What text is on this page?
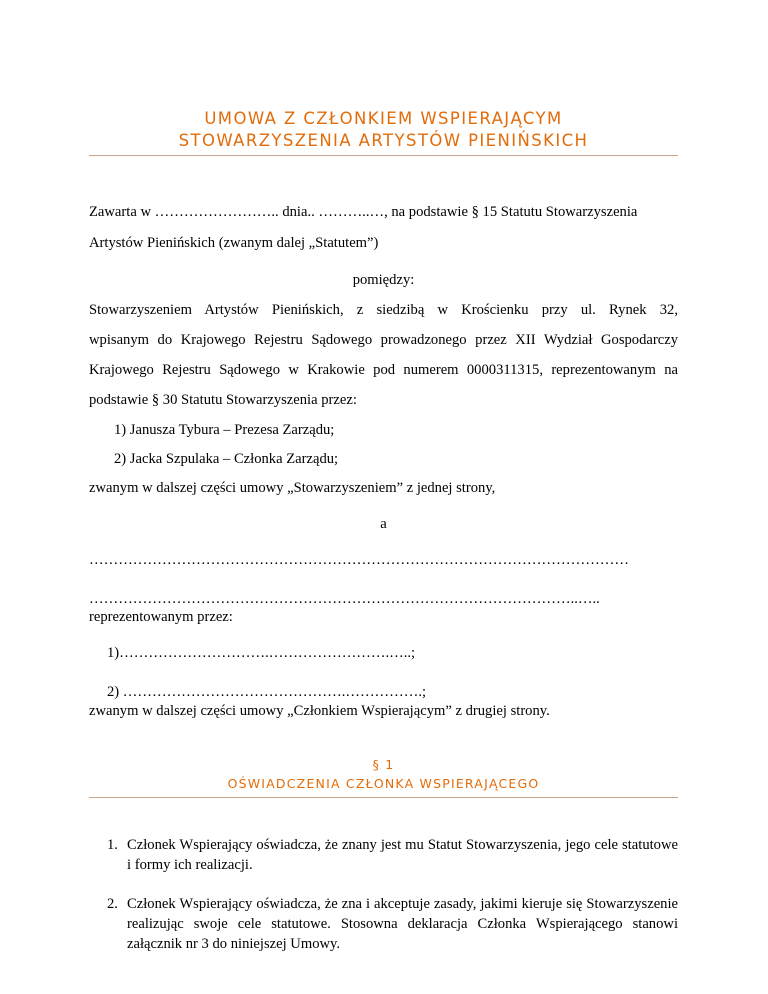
UMOWA Z CZŁONKIEM WSPIERAJĄCYM
STOWARZYSZENIA ARTYSTÓW PIENIŃSKICH
Zawarta w …………………….. dnia.. ………..…, na podstawie § 15 Statutu Stowarzyszenia
Artystów Pienińskich (zwanym dalej „Statutem”)
pomiędzy:
Stowarzyszeniem Artystów Pienińskich, z siedzibą w Krościenku przy ul. Rynek 32,
wpisanym do Krajowego Rejestru Sądowego prowadzonego przez XII Wydział Gospodarczy
Krajowego Rejestru Sądowego w Krakowie pod numerem 0000311315, reprezentowanym na
podstawie § 30 Statutu Stowarzyszenia przez:
1) Janusza Tybura – Prezesa Zarządu;
2) Jacka Szpulaka – Członka Zarządu;
zwanym w dalszej części umowy „Stowarzyszeniem” z jednej strony,
a
…………………………………………………………………………………………………
………………………………………………………………………………………..…..
reprezentowanym przez:
1)………………………….…………………….…..;
2) ……………………………………….…………….;
zwanym w dalszej części umowy „Członkiem Wspierającym” z drugiej strony.
§ 1
OŚWIADCZENIA CZŁONKA WSPIERAJĄCEGO
1. Członek Wspierający oświadcza, że znany jest mu Statut Stowarzyszenia, jego cele statutowe i formy ich realizacji.
2. Członek Wspierający oświadcza, że zna i akceptuje zasady, jakimi kieruje się Stowarzyszenie realizując swoje cele statutowe. Stosowna deklaracja Członka Wspierającego stanowi załącznik nr 3 do niniejszej Umowy.
